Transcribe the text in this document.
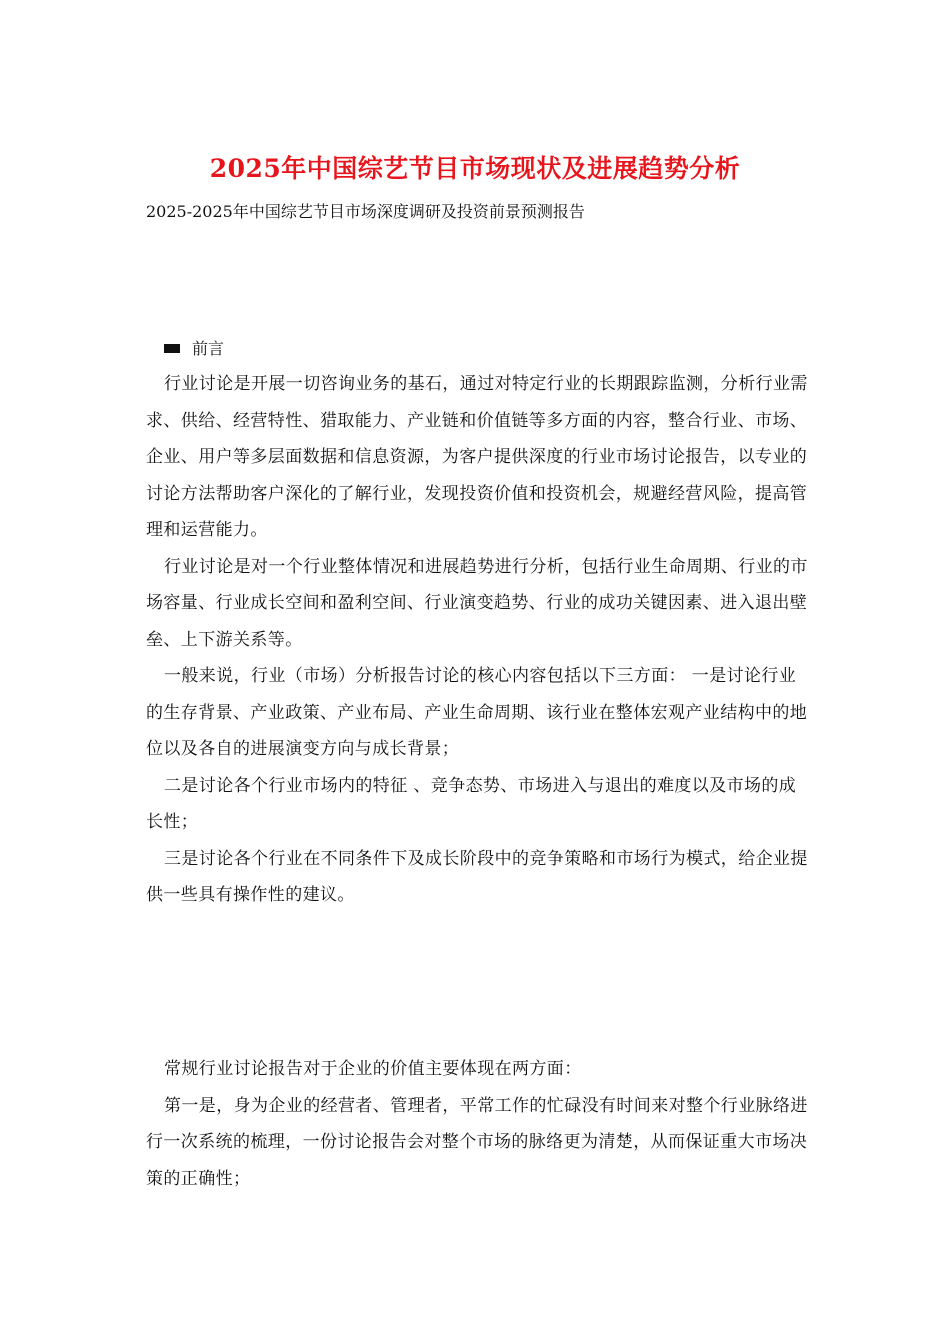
2025年中国综艺节目市场现状及进展趋势分析
2025-2025年中国综艺节目市场深度调研及投资前景预测报告
前言

行业讨论是开展一切咨询业务的基石，通过对特定行业的长期跟踪监测，分析行业需求、供给、经营特性、猎取能力、产业链和价值链等多方面的内容，整合行业、市场、企业、用户等多层面数据和信息资源，为客户提供深度的行业市场讨论报告，以专业的讨论方法帮助客户深化的了解行业，发现投资价值和投资机会，规避经营风险，提高管理和运营能力。

行业讨论是对一个行业整体情况和进展趋势进行分析，包括行业生命周期、行业的市场容量、行业成长空间和盈利空间、行业演变趋势、行业的成功关键因素、进入退出壁垒、上下游关系等。

一般来说，行业（市场）分析报告讨论的核心内容包括以下三方面： 一是讨论行业的生存背景、产业政策、产业布局、产业生命周期、该行业在整体宏观产业结构中的地位以及各自的进展演变方向与成长背景；

二是讨论各个行业市场内的特征 、竞争态势、市场进入与退出的难度以及市场的成长性；

三是讨论各个行业在不同条件下及成长阶段中的竞争策略和市场行为模式，给企业提供一些具有操作性的建议。

常规行业讨论报告对于企业的价值主要体现在两方面：

第一是，身为企业的经营者、管理者，平常工作的忙碌没有时间来对整个行业脉络进行一次系统的梳理，一份讨论报告会对整个市场的脉络更为清楚，从而保证重大市场决策的正确性；
